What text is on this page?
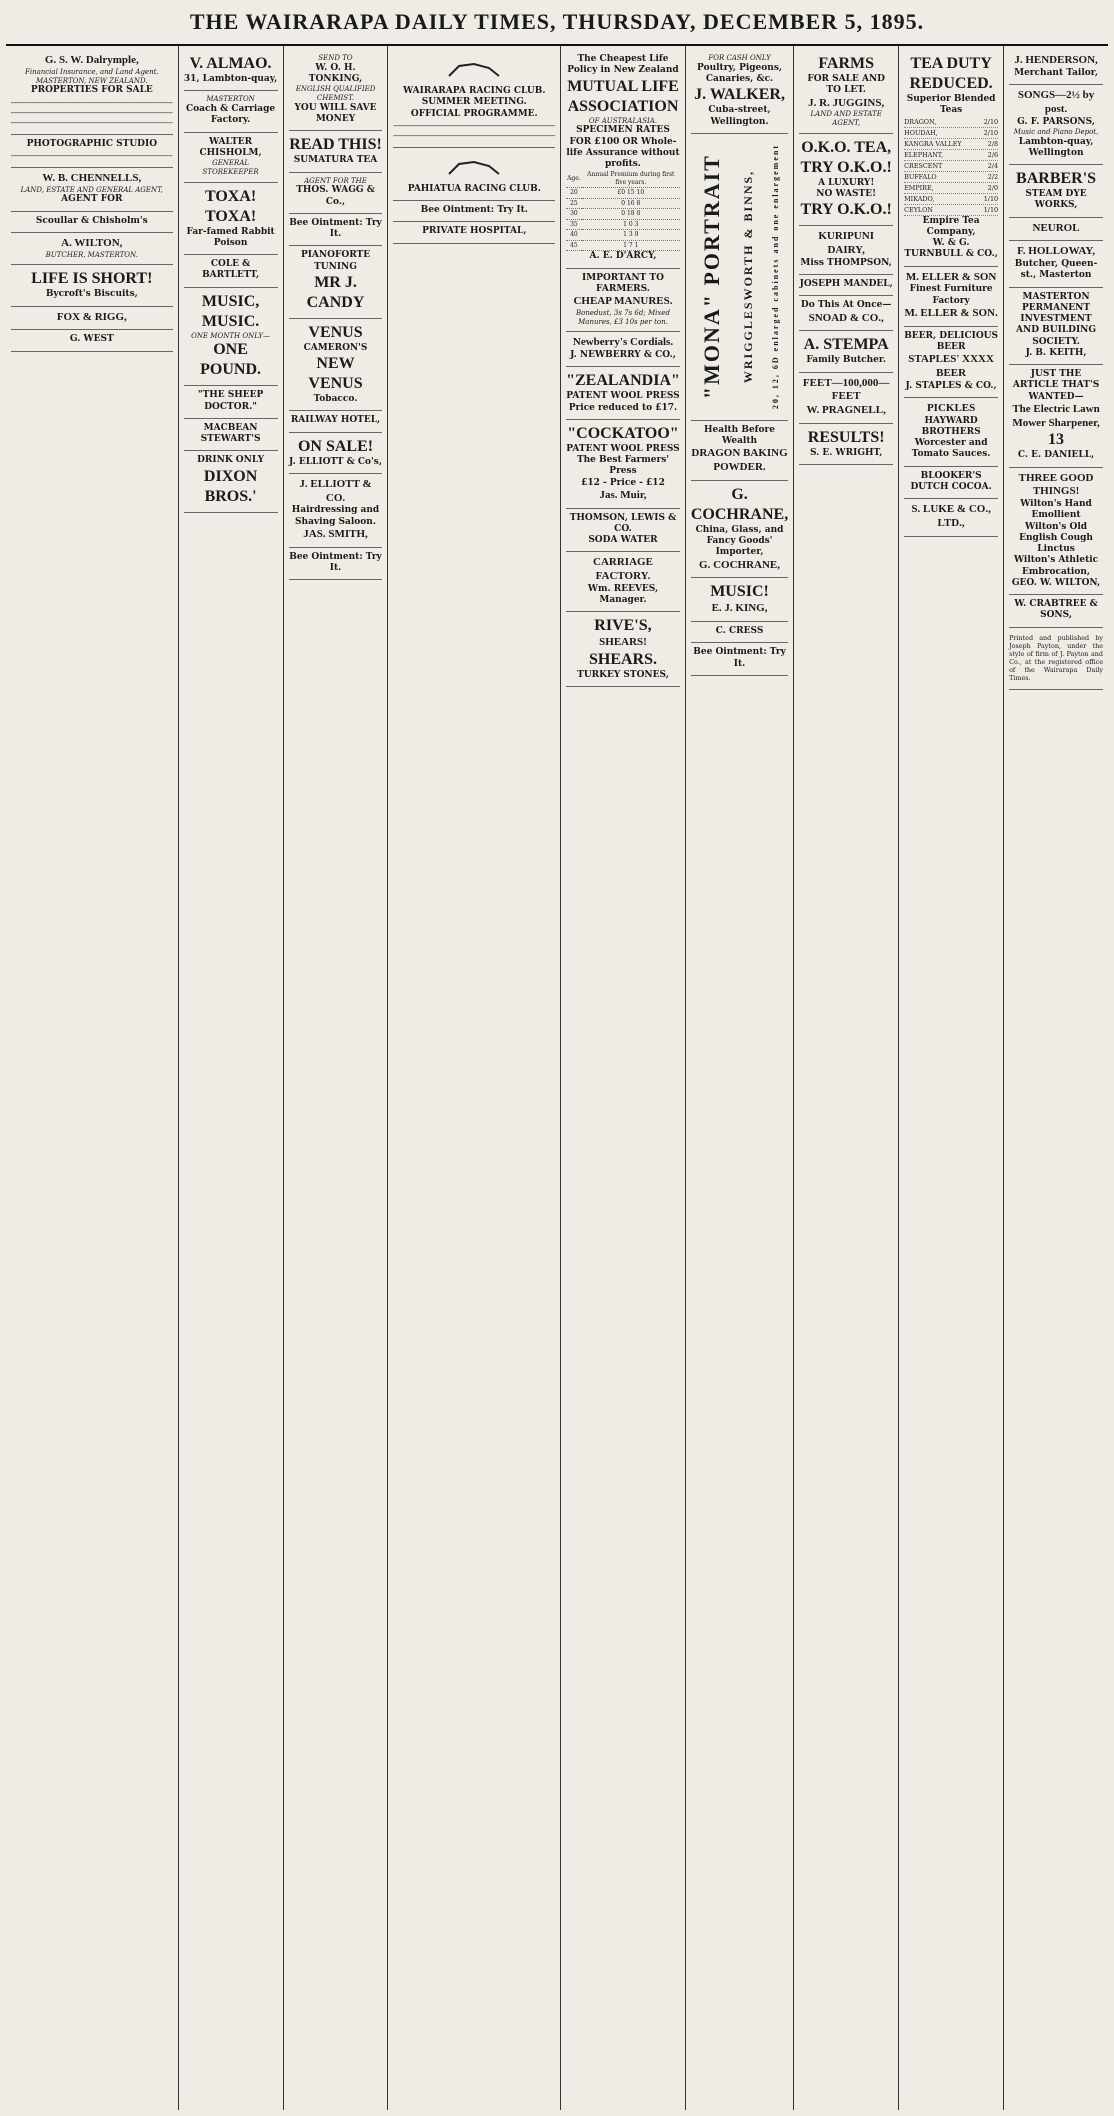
THE WAIRARAPA DAILY TIMES, THURSDAY, DECEMBER 5, 1895.
G. S. W. Dalrymple,
Financial Insurance, and Land Agent.
MASTERTON, NEW ZEALAND.
PROPERTIES FOR SALE

──────────────────────────────────────────

──────────────────────────────────────────

──────────────────────────────────────────

PHOTOGRAPHIC STUDIO

──────────────────────────────────────────

W. B. CHENNELLS,
LAND, ESTATE AND GENERAL AGENT,
AGENT FOR
Scoullar & Chisholm's
A. WILTON,
BUTCHER, MASTERTON.
LIFE IS SHORT!
Bycroft's Biscuits,
FOX & RIGG,
G. WEST
V. ALMAO.
31, Lambton-quay,
MASTERTON
Coach & Carriage Factory.
WALTER CHISHOLM,
GENERAL STOREKEEPER
TOXA! TOXA!
Far-famed Rabbit Poison
COLE & BARTLETT,
MUSIC, MUSIC.
ONE MONTH ONLY—
ONE POUND.
"THE SHEEP DOCTOR."
MACBEAN STEWART'S
DRINK ONLY
DIXON BROS.'
SEND TO
W. O. H. TONKING,
ENGLISH QUALIFIED CHEMIST.
YOU WILL SAVE MONEY
READ THIS!
SUMATURA TEA
AGENT FOR THE
THOS. WAGG & Co.,
Bee Ointment: Try It.
PIANOFORTE TUNING
MR J. CANDY
VENUS
CAMERON'S
NEW VENUS
Tobacco.
RAILWAY HOTEL,
ON SALE!
J. ELLIOTT & Co's,
J. ELLIOTT & CO.
Hairdressing and Shaving Saloon.
JAS. SMITH,
Bee Ointment: Try It.
WAIRARAPA RACING CLUB.
SUMMER MEETING.
OFFICIAL PROGRAMME.

──────────────────────────────────────────

──────────────────────────────────────────

PAHIATUA RACING CLUB.
Bee Ointment: Try It.
PRIVATE HOSPITAL,
The Cheapest Life Policy in New Zealand
MUTUAL LIFE ASSOCIATION
OF AUSTRALASIA.
SPECIMEN RATES FOR £100 OR Whole-life Assurance without profits.
Age.	Annual Premium during first five years.
20	£0 15 10
25	0 16 8
30	0 18 0
35	1 0 3
40	1 3 9
45	1 7 1
A. E. D'ARCY,
IMPORTANT TO FARMERS.
CHEAP MANURES.
Bonedust, 3s 7s 6d; Mixed Manures, £3 10s per ton.
Newberry's Cordials.
J. NEWBERRY & CO.,
"ZEALANDIA"
PATENT WOOL PRESS
Price reduced to £17.
"COCKATOO"
PATENT WOOL PRESS
The Best Farmers' Press
£12 - Price - £12
Jas. Muir,
THOMSON, LEWIS & CO.
SODA WATER
CARRIAGE FACTORY.
Wm. REEVES, Manager.
RIVE'S,
SHEARS!
SHEARS.
TURKEY STONES,
FOR CASH ONLY
Poultry, Pigeons, Canaries, &c.
J. WALKER,
Cuba-street, Wellington.
"MONA" PORTRAIT WRIGGLESWORTH & BINNS, 20, 12, 6D enlarged cabinets and one enlargement
Health Before Wealth
DRAGON BAKING POWDER.
G. COCHRANE,
China, Glass, and Fancy Goods' Importer,
G. COCHRANE,
MUSIC!
E. J. KING,
C. CRESS
Bee Ointment: Try It.
FARMS
FOR SALE AND TO LET.
J. R. JUGGINS,
LAND AND ESTATE AGENT,
O.K.O. TEA,
TRY O.K.O.!
A LUXURY!
NO WASTE!
TRY O.K.O.!
KURIPUNI DAIRY,
Miss THOMPSON,
JOSEPH MANDEL,
Do This At Once—
SNOAD & CO.,
A. STEMPA
Family Butcher.
FEET—100,000—FEET
W. PRAGNELL,
RESULTS!
S. E. WRIGHT,
TEA DUTY REDUCED.
Superior Blended Teas
DRAGON,	2/10
HOUDAH,	2/10
KANGRA VALLEY	2/8
ELEPHANT,	2/6
CRESCENT	2/4
BUFFALO	2/2
EMPIRE,	2/0
MIKADO,	1/10
CEYLON	1/10
Empire Tea Company,
W. & G. TURNBULL & CO.,
M. ELLER & SON
Finest Furniture Factory
M. ELLER & SON.
BEER, DELICIOUS BEER
STAPLES' XXXX BEER
J. STAPLES & CO.,
PICKLES
HAYWARD BROTHERS
Worcester and Tomato Sauces.
BLOOKER'S DUTCH COCOA.
S. LUKE & CO., LTD.,
J. HENDERSON,
Merchant Tailor,
SONGS—2½ by post.
G. F. PARSONS,
Music and Piano Depot,
Lambton-quay, Wellington
BARBER'S
STEAM DYE WORKS,
NEUROL
F. HOLLOWAY,
Butcher, Queen-st., Masterton
MASTERTON PERMANENT
INVESTMENT AND BUILDING SOCIETY.
J. B. KEITH,
JUST THE ARTICLE THAT'S WANTED—
The Electric Lawn Mower Sharpener,
13
C. E. DANIELL,
THREE GOOD THINGS!
Wilton's Hand Emollient
Wilton's Old English Cough Linctus
Wilton's Athletic Embrocation,
GEO. W. WILTON,
W. CRABTREE & SONS,

Printed and published by Joseph Payton, under the style of firm of J. Payton and Co., at the registered office of the Wairarapa Daily Times.
